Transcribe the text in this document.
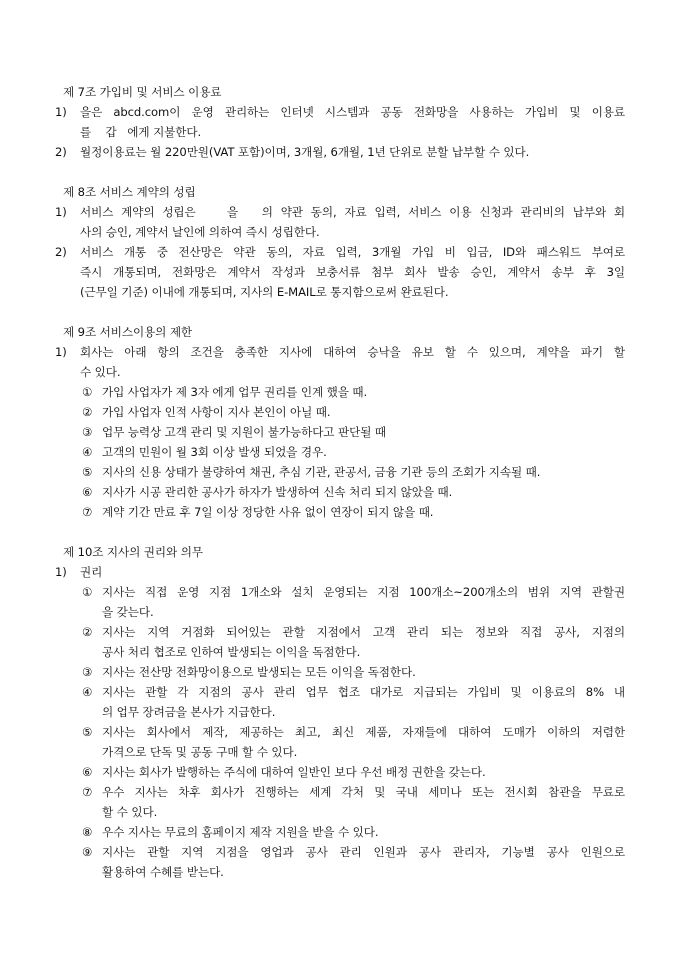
제 7조 가입비 및 서비스 이용료
1) 을은 abcd.com이 운영 관리하는 인터넷 시스템과 공동 전화망을 사용하는 가입비 및 이용료
를    갑   에게 지불한다.
2) 월정이용료는 월 220만원(VAT 포함)이며, 3개월, 6개월, 1년 단위로 분할 납부할 수 있다.
제 8조 서비스 계약의 성립
1) 서비스 계약의 성립은    을   의 약관 동의, 자료 입력, 서비스 이용 신청과 관리비의 납부와 회
사의 승인, 계약서 날인에 의하여 즉시 성립한다.
2) 서비스 개통 중 전산망은 약관 동의, 자료 입력, 3개월 가입 비 입금, ID와 패스워드 부여로
즉시 개통되며, 전화망은 계약서 작성과 보충서류 첨부 회사 발송 승인, 계약서 송부 후 3일
(근무일 기준) 이내에 개통되며, 지사의 E-MAIL로 통지함으로써 완료된다.
제 9조 서비스이용의 제한
1) 회사는 아래 항의 조건을 충족한 지사에 대하여 승낙을 유보 할 수 있으며, 계약을 파기 할
수 있다.
① 가입 사업자가 제 3자 에게 업무 권리를 인계 했을 때.
② 가입 사업자 인적 사항이 지사 본인이 아닐 때.
③ 업무 능력상 고객 관리 및 지원이 불가능하다고 판단될 때
④ 고객의 민원이 월 3회 이상 발생 되었을 경우.
⑤ 지사의 신용 상태가 불량하여 채권, 추심 기관, 관공서, 금융 기관 등의 조회가 지속될 때.
⑥ 지사가 시공 관리한 공사가 하자가 발생하여 신속 처리 되지 않았을 때.
⑦ 계약 기간 만료 후 7일 이상 정당한 사유 없이 연장이 되지 않을 때.
제 10조 지사의 권리와 의무
1) 권리
① 지사는 직접 운영 지점 1개소와 설치 운영되는 지점 100개소~200개소의 범위 지역 관할권
을 갖는다.
② 지사는 지역 거점화 되어있는 관할 지점에서 고객 관리 되는 정보와 직접 공사, 지점의
공사 처리 협조로 인하여 발생되는 이익을 독점한다.
③ 지사는 전산망 전화망이용으로 발생되는 모든 이익을 독점한다.
④ 지사는 관할 각 지점의 공사 관리 업무 협조 대가로 지급되는 가입비 및 이용료의 8% 내
의 업무 장려금을 본사가 지급한다.
⑤ 지사는 회사에서 제작, 제공하는 최고, 최신 제품, 자재들에 대하여 도매가 이하의 저렴한
가격으로 단독 및 공동 구매 할 수 있다.
⑥ 지사는 회사가 발행하는 주식에 대하여 일반인 보다 우선 배정 권한을 갖는다.
⑦ 우수 지사는 차후 회사가 진행하는 세계 각처 및 국내 세미나 또는 전시회 참관을 무료로
할 수 있다.
⑧ 우수 지사는 무료의 홈페이지 제작 지원을 받을 수 있다.
⑨ 지사는 관할 지역 지점을 영업과 공사 관리 인원과 공사 관리자, 기능별 공사 인원으로
활용하여 수혜를 받는다.
